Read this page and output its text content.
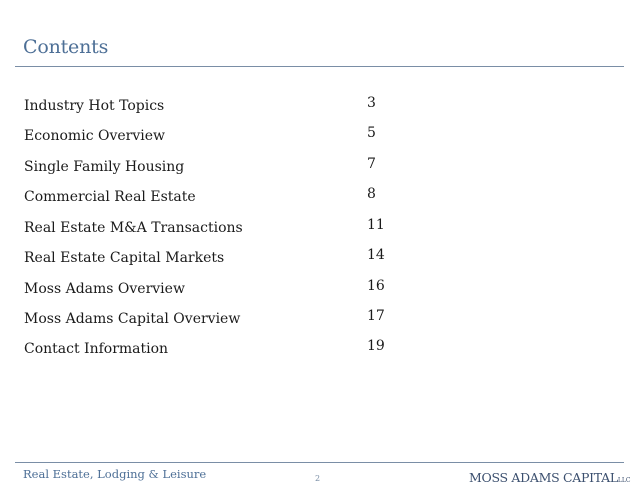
Contents
Industry Hot Topics	3
Economic Overview	5
Single Family Housing	7
Commercial Real Estate	8
Real Estate M&A Transactions	11
Real Estate Capital Markets	14
Moss Adams Overview	16
Moss Adams Capital Overview	17
Contact Information	19
Real Estate, Lodging & Leisure	2	MOSS ADAMS CAPITALLLC
